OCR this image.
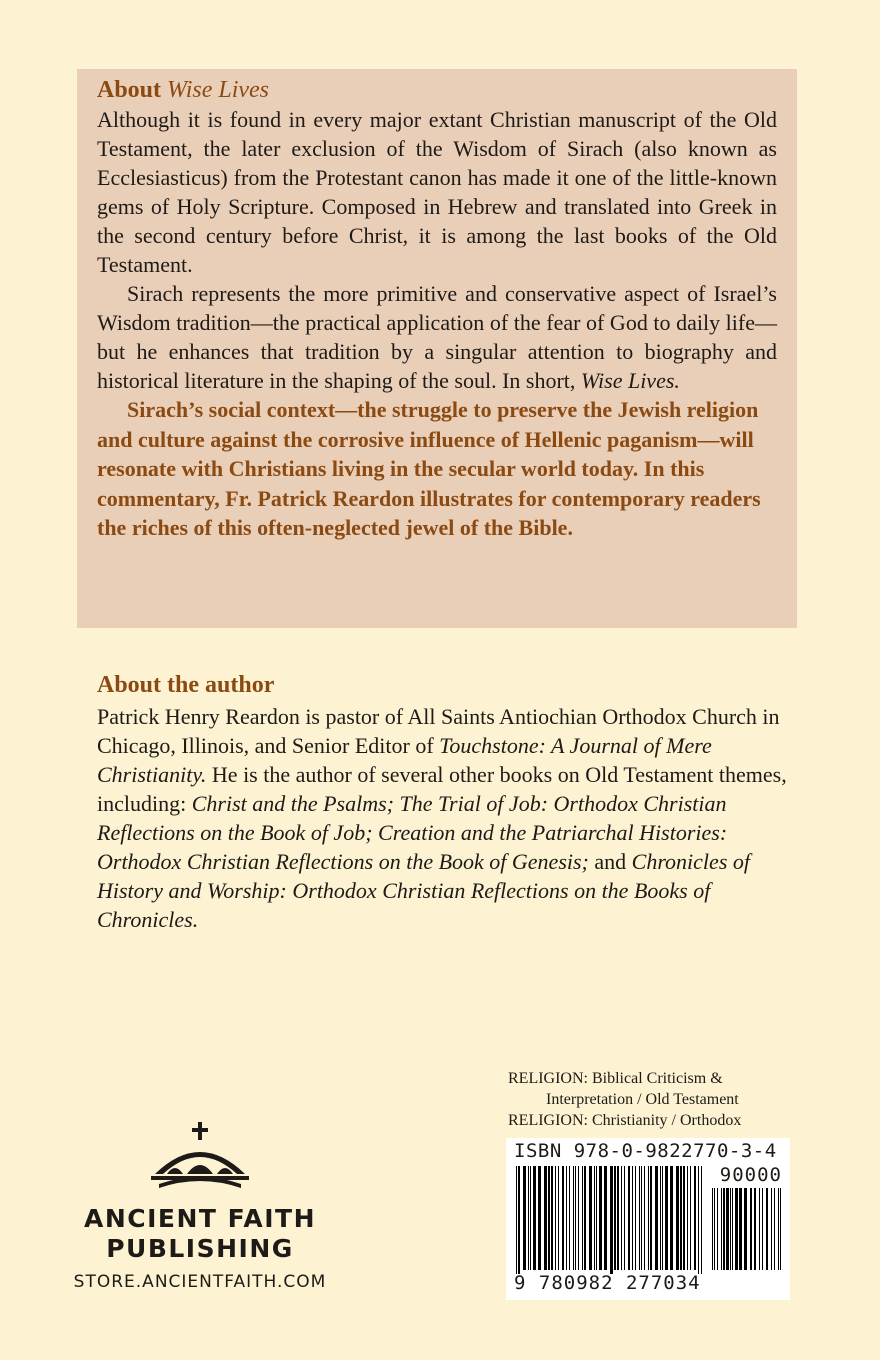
About Wise Lives

Although it is found in every major extant Christian manuscript of the Old Testament, the later exclusion of the Wisdom of Sirach (also known as Ecclesiasticus) from the Protestant canon has made it one of the little-known gems of Holy Scripture. Composed in Hebrew and translated into Greek in the second century before Christ, it is among the last books of the Old Testament.

Sirach represents the more primitive and conservative aspect of Israel’s Wisdom tradition—the practical application of the fear of God to daily life—but he enhances that tradition by a singular attention to biography and historical literature in the shaping of the soul. In short, Wise Lives.

Sirach’s social context—the struggle to preserve the Jewish religion and culture against the corrosive influence of Hellenic paganism—will resonate with Christians living in the secular world today. In this commentary, Fr. Patrick Reardon illustrates for contemporary readers the riches of this often-neglected jewel of the Bible.

About the author

Patrick Henry Reardon is pastor of All Saints Antiochian Orthodox Church in Chicago, Illinois, and Senior Editor of Touchstone: A Journal of Mere Christianity. He is the author of several other books on Old Testament themes, including: Christ and the Psalms; The Trial of Job: Orthodox Christian Reflections on the Book of Job; Creation and the Patriarchal Histories: Orthodox Christian Reflections on the Book of Genesis; and Chronicles of History and Worship: Orthodox Christian Reflections on the Books of Chronicles.

RELIGION: Biblical Criticism &
Interpretation / Old Testament
RELIGION: Christianity / Orthodox
ISBN 978-0-9822770-3-4
90000
9 780982 277034
ANCIENT FAITH
PUBLISHING
STORE.ANCIENTFAITH.COM
